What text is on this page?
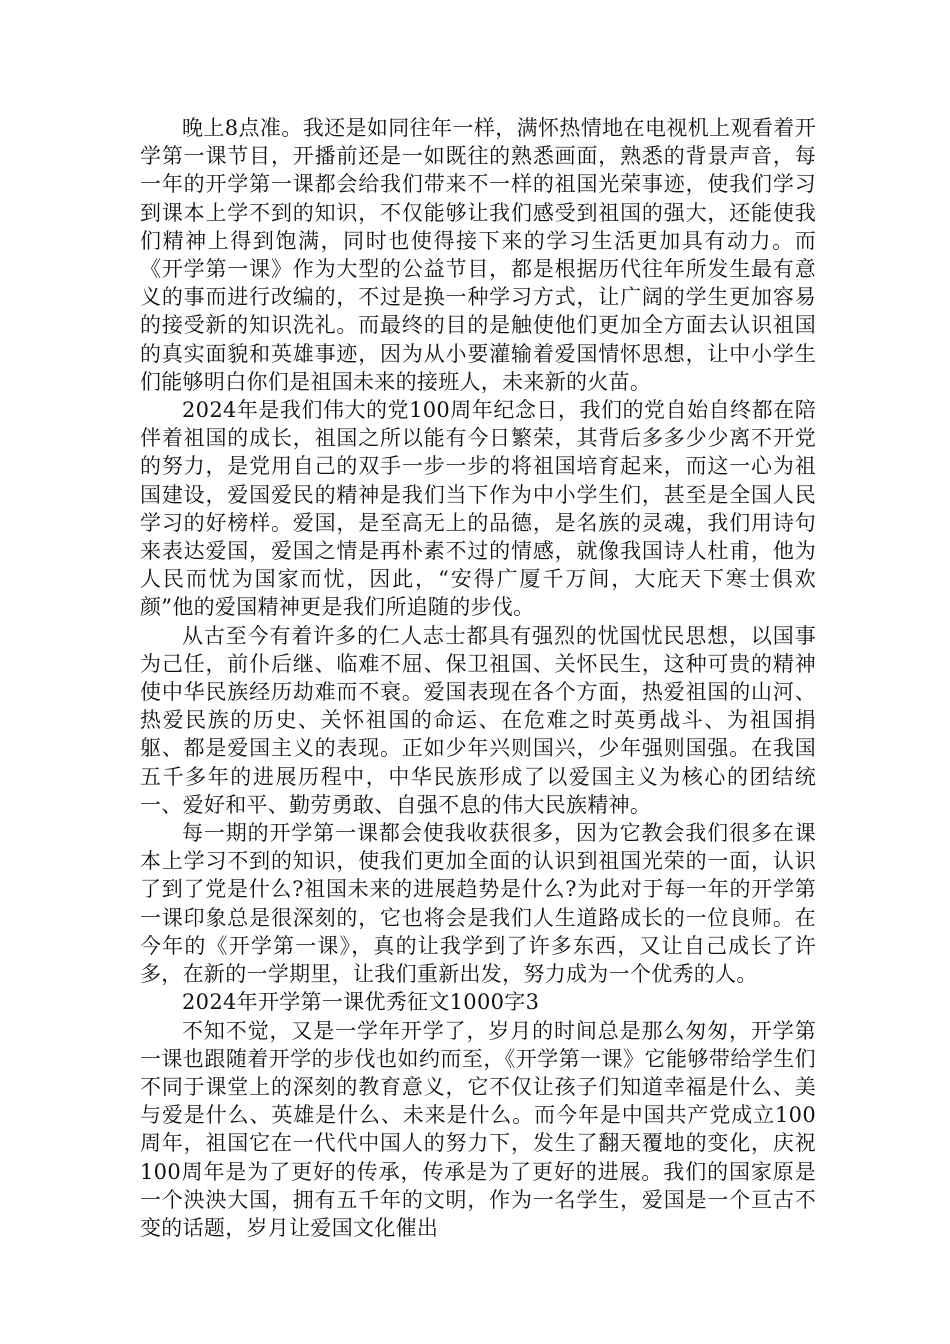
晚上8点准。我还是如同往年一样，满怀热情地在电视机上观看着开学第一课节目，开播前还是一如既往的熟悉画面，熟悉的背景声音，每一年的开学第一课都会给我们带来不一样的祖国光荣事迹，使我们学习到课本上学不到的知识，不仅能够让我们感受到祖国的强大，还能使我们精神上得到饱满，同时也使得接下来的学习生活更加具有动力。而《开学第一课》作为大型的公益节目，都是根据历代往年所发生最有意义的事而进行改编的，不过是换一种学习方式，让广阔的学生更加容易的接受新的知识洗礼。而最终的目的是触使他们更加全方面去认识祖国的真实面貌和英雄事迹，因为从小要灌输着爱国情怀思想，让中小学生们能够明白你们是祖国未来的接班人，未来新的火苗。

2024年是我们伟大的党100周年纪念日，我们的党自始自终都在陪伴着祖国的成长，祖国之所以能有今日繁荣，其背后多多少少离不开党的努力，是党用自己的双手一步一步的将祖国培育起来，而这一心为祖国建设，爱国爱民的精神是我们当下作为中小学生们，甚至是全国人民学习的好榜样。爱国，是至高无上的品德，是名族的灵魂，我们用诗句来表达爱国，爱国之情是再朴素不过的情感，就像我国诗人杜甫，他为人民而忧为国家而忧，因此，“安得广厦千万间，大庇天下寒士俱欢颜”他的爱国精神更是我们所追随的步伐。

从古至今有着许多的仁人志士都具有强烈的忧国忧民思想，以国事为己任，前仆后继、临难不屈、保卫祖国、关怀民生，这种可贵的精神使中华民族经历劫难而不衰。爱国表现在各个方面，热爱祖国的山河、热爱民族的历史、关怀祖国的命运、在危难之时英勇战斗、为祖国捐躯、都是爱国主义的表现。正如少年兴则国兴，少年强则国强。在我国五千多年的进展历程中，中华民族形成了以爱国主义为核心的团结统一、爱好和平、勤劳勇敢、自强不息的伟大民族精神。

每一期的开学第一课都会使我收获很多，因为它教会我们很多在课本上学习不到的知识，使我们更加全面的认识到祖国光荣的一面，认识了到了党是什么?祖国未来的进展趋势是什么?为此对于每一年的开学第一课印象总是很深刻的，它也将会是我们人生道路成长的一位良师。在今年的《开学第一课》，真的让我学到了许多东西，又让自己成长了许多，在新的一学期里，让我们重新出发，努力成为一个优秀的人。

2024年开学第一课优秀征文1000字3

不知不觉，又是一学年开学了，岁月的时间总是那么匆匆，开学第一课也跟随着开学的步伐也如约而至，《开学第一课》它能够带给学生们不同于课堂上的深刻的教育意义，它不仅让孩子们知道幸福是什么、美与爱是什么、英雄是什么、未来是什么。而今年是中国共产党成立100周年，祖国它在一代代中国人的努力下，发生了翻天覆地的变化，庆祝100周年是为了更好的传承，传承是为了更好的进展。我们的国家原是一个泱泱大国，拥有五千年的文明，作为一名学生，爱国是一个亘古不变的话题，岁月让爱国文化催出
